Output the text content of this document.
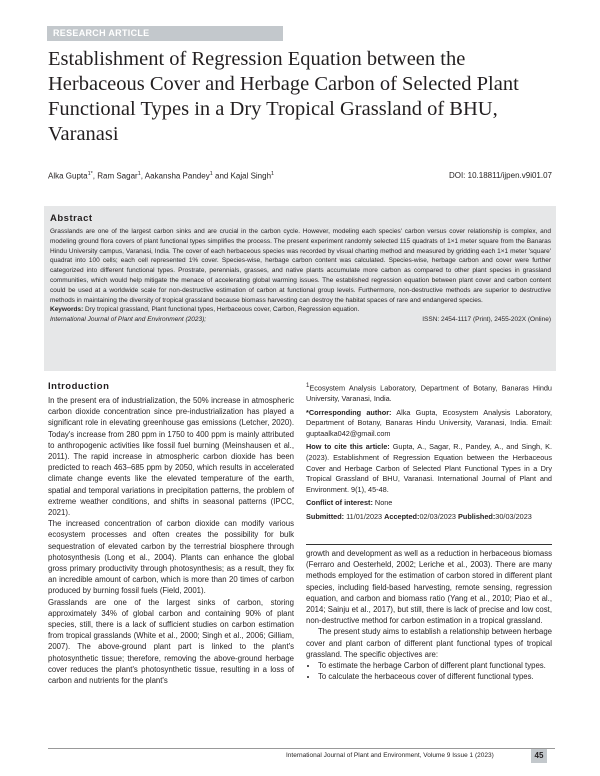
RESEARCH ARTICLE
Establishment of Regression Equation between the Herbaceous Cover and Herbage Carbon of Selected Plant Functional Types in a Dry Tropical Grassland of BHU, Varanasi
Alka Gupta$^{1*}$, Ram Sagar$^1$, Aakansha Pandey$^1$ and Kajal Singh$^1$	DOI: 10.18811/ijpen.v9i01.07
Abstract

Grasslands are one of the largest carbon sinks and are crucial in the carbon cycle. However, modeling each species' carbon versus cover relationship is complex, and modeling ground flora covers of plant functional types simplifies the process. The present experiment randomly selected 115 quadrats of 1×1 meter square from the Banaras Hindu University campus, Varanasi, India. The cover of each herbaceous species was recorded by visual charting method and measured by gridding each 1×1 meter 'square' quadrat into 100 cells; each cell represented 1% cover. Species-wise, herbage carbon content was calculated. Species-wise, herbage carbon and cover were further categorized into different functional types. Prostrate, perennials, grasses, and native plants accumulate more carbon as compared to other plant species in grassland communities, which would help mitigate the menace of accelerating global warming issues. The established regression equation between plant cover and carbon content could be used at a worldwide scale for non-destructive estimation of carbon at functional group levels. Furthermore, non-destructive methods are superior to destructive methods in maintaining the diversity of tropical grassland because biomass harvesting can destroy the habitat spaces of rare and endangered species.

Keywords: Dry tropical grassland, Plant functional types, Herbaceous cover, Carbon, Regression equation.

International Journal of Plant and Environment (2023);	ISSN: 2454-1117 (Print), 2455-202X (Online)

Introduction

In the present era of industrialization, the 50% increase in atmospheric carbon dioxide concentration since pre-industrialization has played a significant role in elevating greenhouse gas emissions (Letcher, 2020). Today's increase from 280 ppm in 1750 to 400 ppm is mainly attributed to anthropogenic activities like fossil fuel burning (Meinshausen et al., 2011). The rapid increase in atmospheric carbon dioxide has been predicted to reach 463–685 ppm by 2050, which results in accelerated climate change events like the elevated temperature of the earth, spatial and temporal variations in precipitation patterns, the problem of extreme weather conditions, and shifts in seasonal patterns (IPCC, 2021).

The increased concentration of carbon dioxide can modify various ecosystem processes and often creates the possibility for bulk sequestration of elevated carbon by the terrestrial biosphere through photosynthesis (Long et al., 2004). Plants can enhance the global gross primary productivity through photosynthesis; as a result, they fix an incredible amount of carbon, which is more than 20 times of carbon produced by burning fossil fuels (Field, 2001).

Grasslands are one of the largest sinks of carbon, storing approximately 34% of global carbon and containing 90% of plant species, still, there is a lack of sufficient studies on carbon estimation from tropical grasslands (White et al., 2000; Singh et al., 2006; Gilliam, 2007). The above-ground plant part is linked to the plant's photosynthetic tissue; therefore, removing the above-ground herbage cover reduces the plant's photosynthetic tissue, resulting in a loss of carbon and nutrients for the plant's

$^1$Ecosystem Analysis Laboratory, Department of Botany, Banaras Hindu University, Varanasi, India.

*Corresponding author: Alka Gupta, Ecosystem Analysis Laboratory, Department of Botany, Banaras Hindu University, Varanasi, India. Email: guptaalka042@gmail.com

How to cite this article: Gupta, A., Sagar, R., Pandey, A., and Singh, K. (2023). Establishment of Regression Equation between the Herbaceous Cover and Herbage Carbon of Selected Plant Functional Types in a Dry Tropical Grassland of BHU, Varanasi. International Journal of Plant and Environment. 9(1), 45-48.

Conflict of interest: None

Submitted: 11/01/2023 Accepted:02/03/2023 Published:30/03/2023

growth and development as well as a reduction in herbaceous biomass (Ferraro and Oesterheld, 2002; Leriche et al., 2003). There are many methods employed for the estimation of carbon stored in different plant species, including field-based harvesting, remote sensing, regression equation, and carbon and biomass ratio (Yang et al., 2010; Piao et al., 2014; Sainju et al., 2017), but still, there is lack of precise and low cost, non-destructive method for carbon estimation in a tropical grassland.

The present study aims to establish a relationship between herbage cover and plant carbon of different plant functional types of tropical grassland. The specific objectives are:

• To estimate the herbage Carbon of different plant functional types.
• To calculate the herbaceous cover of different functional types.
International Journal of Plant and Environment, Volume 9 Issue 1 (2023)	45
